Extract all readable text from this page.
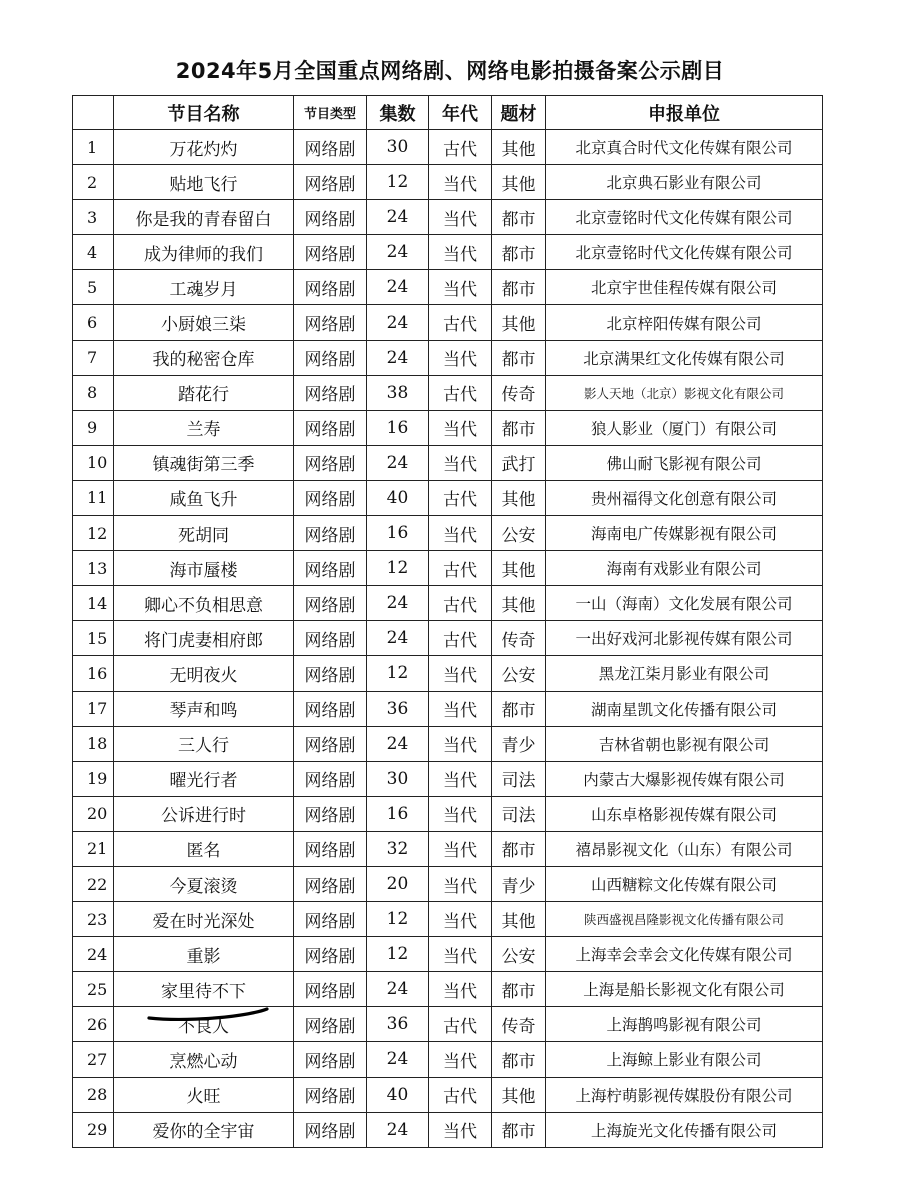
2024年5月全国重点网络剧、网络电影拍摄备案公示剧目
	节目名称	节目类型	集数	年代	题材	申报单位
1	万花灼灼	网络剧	30	古代	其他	北京真合时代文化传媒有限公司
2	贴地飞行	网络剧	12	当代	其他	北京典石影业有限公司
3	你是我的青春留白	网络剧	24	当代	都市	北京壹铭时代文化传媒有限公司
4	成为律师的我们	网络剧	24	当代	都市	北京壹铭时代文化传媒有限公司
5	工魂岁月	网络剧	24	当代	都市	北京宇世佳程传媒有限公司
6	小厨娘三柒	网络剧	24	古代	其他	北京梓阳传媒有限公司
7	我的秘密仓库	网络剧	24	当代	都市	北京满果红文化传媒有限公司
8	踏花行	网络剧	38	古代	传奇	影人天地（北京）影视文化有限公司
9	兰寿	网络剧	16	当代	都市	狼人影业（厦门）有限公司
10	镇魂街第三季	网络剧	24	当代	武打	佛山耐飞影视有限公司
11	咸鱼飞升	网络剧	40	古代	其他	贵州福得文化创意有限公司
12	死胡同	网络剧	16	当代	公安	海南电广传媒影视有限公司
13	海市蜃楼	网络剧	12	古代	其他	海南有戏影业有限公司
14	卿心不负相思意	网络剧	24	古代	其他	一山（海南）文化发展有限公司
15	将门虎妻相府郎	网络剧	24	古代	传奇	一出好戏河北影视传媒有限公司
16	无明夜火	网络剧	12	当代	公安	黑龙江柒月影业有限公司
17	琴声和鸣	网络剧	36	当代	都市	湖南星凯文化传播有限公司
18	三人行	网络剧	24	当代	青少	吉林省朝也影视有限公司
19	曜光行者	网络剧	30	当代	司法	内蒙古大爆影视传媒有限公司
20	公诉进行时	网络剧	16	当代	司法	山东卓格影视传媒有限公司
21	匿名	网络剧	32	当代	都市	禧昂影视文化（山东）有限公司
22	今夏滚烫	网络剧	20	当代	青少	山西糖粽文化传媒有限公司
23	爱在时光深处	网络剧	12	当代	其他	陕西盛视昌隆影视文化传播有限公司
24	重影	网络剧	12	当代	公安	上海幸会幸会文化传媒有限公司
25	家里待不下	网络剧	24	当代	都市	上海是船长影视文化有限公司
26	不良人	网络剧	36	古代	传奇	上海鹊鸣影视有限公司
27	烹燃心动	网络剧	24	当代	都市	上海鲸上影业有限公司
28	火旺	网络剧	40	古代	其他	上海柠萌影视传媒股份有限公司
29	爱你的全宇宙	网络剧	24	当代	都市	上海旋光文化传播有限公司
